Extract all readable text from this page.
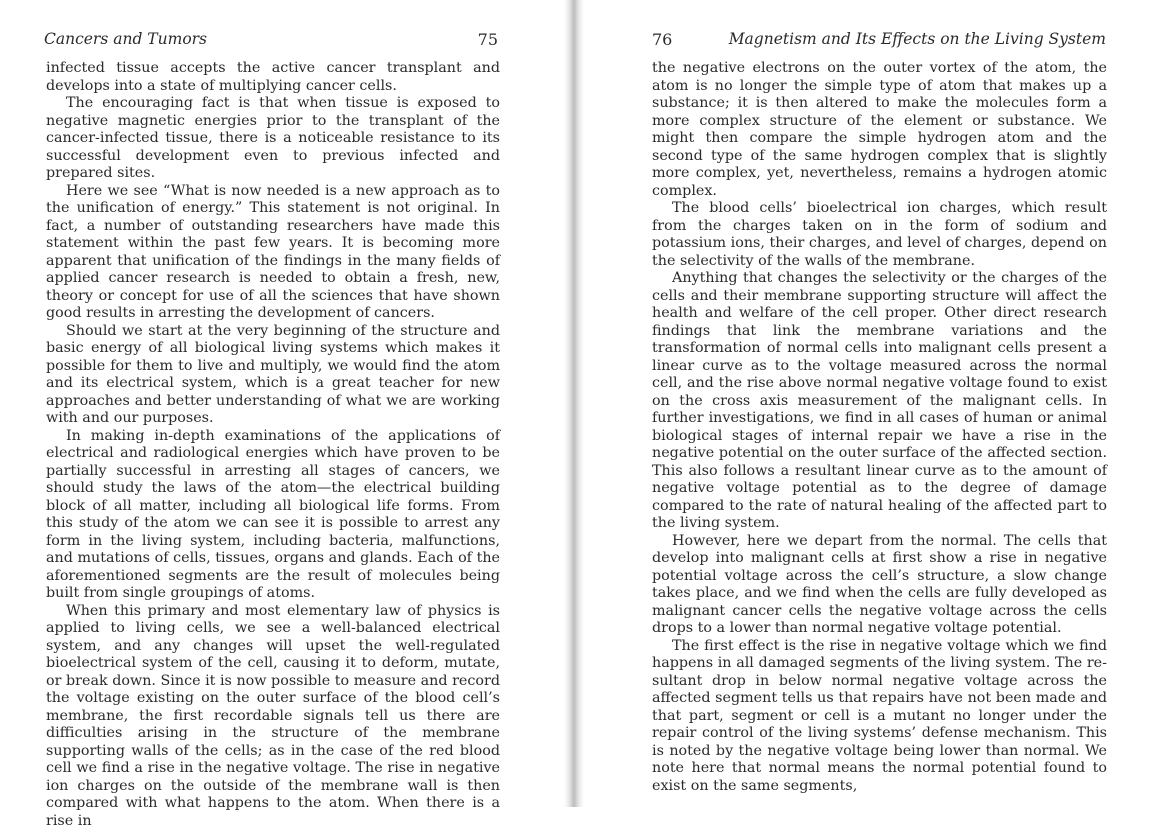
Cancers and Tumors	75

infected tissue accepts the active cancer transplant and develops into a state of multiplying cancer cells.

The encouraging fact is that when tissue is exposed to negative magnetic energies prior to the transplant of the cancer-infected tissue, there is a noticeable resistance to its successful development even to previous infected and prepared sites.

Here we see “What is now needed is a new approach as to the unification of energy.” This statement is not original. In fact, a number of outstanding researchers have made this statement within the past few years. It is becoming more apparent that unification of the findings in the many fields of applied cancer research is needed to obtain a fresh, new, theory or concept for use of all the sciences that have shown good results in arresting the development of cancers.

Should we start at the very beginning of the structure and basic energy of all biological living systems which makes it possible for them to live and multiply, we would find the atom and its electrical system, which is a great teacher for new approaches and better understanding of what we are working with and our purposes.

In making in-depth examinations of the applications of electrical and radiological energies which have proven to be partially successful in arresting all stages of cancers, we should study the laws of the atom—the electrical building block of all matter, including all biological life forms. From this study of the atom we can see it is possible to arrest any form in the living system, including bacteria, malfunctions, and mutations of cells, tissues, organs and glands. Each of the aforementioned segments are the result of molecules being built from single groupings of atoms.

When this primary and most elementary law of physics is applied to living cells, we see a well-balanced electrical system, and any changes will upset the well-regulated bioelectrical system of the cell, causing it to deform, mutate, or break down. Since it is now possible to measure and record the voltage existing on the outer surface of the blood cell’s membrane, the first recordable signals tell us there are difficulties arising in the structure of the membrane supporting walls of the cells; as in the case of the red blood cell we find a rise in the negative voltage. The rise in negative ion charges on the outside of the membrane wall is then compared with what happens to the atom. When there is a rise in

76	Magnetism and Its Effects on the Living System

the negative electrons on the outer vortex of the atom, the atom is no longer the simple type of atom that makes up a substance; it is then altered to make the molecules form a more complex structure of the element or substance. We might then compare the simple hydrogen atom and the second type of the same hydrogen complex that is slightly more complex, yet, nevertheless, remains a hydrogen atomic complex.

The blood cells’ bioelectrical ion charges, which result from the charges taken on in the form of sodium and potassium ions, their charges, and level of charges, depend on the selectivity of the walls of the membrane.

Anything that changes the selectivity or the charges of the cells and their membrane supporting structure will affect the health and welfare of the cell proper. Other direct research findings that link the membrane variations and the transformation of normal cells into malignant cells present a linear curve as to the voltage measured across the normal cell, and the rise above normal negative voltage found to exist on the cross axis measurement of the malignant cells. In further investigations, we find in all cases of human or animal biological stages of internal repair we have a rise in the negative potential on the outer surface of the affected section. This also follows a resultant linear curve as to the amount of negative voltage potential as to the degree of damage compared to the rate of natural healing of the affected part to the living system.

However, here we depart from the normal. The cells that develop into malignant cells at first show a rise in negative potential voltage across the cell’s structure, a slow change takes place, and we find when the cells are fully developed as malignant cancer cells the negative voltage across the cells drops to a lower than normal negative voltage potential.

The first effect is the rise in negative voltage which we find happens in all damaged segments of the living system. The resultant drop in below normal negative voltage across the affected segment tells us that repairs have not been made and that part, segment or cell is a mutant no longer under the repair control of the living systems’ defense mechanism. This is noted by the negative voltage being lower than normal. We note here that normal means the normal potential found to exist on the same segments,
